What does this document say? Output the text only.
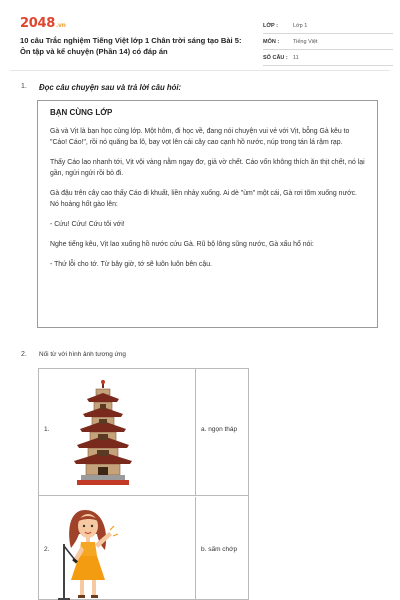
2048.vn
10 câu Trắc nghiệm Tiếng Việt lớp 1 Chân trời sáng tạo Bài 5: Ôn tập và kể chuyện (Phần 14) có đáp án
LỚP :	Lớp 1
MÔN :	Tiếng Việt
SỐ CÂU : 11
1. Đọc câu chuyện sau và trả lời câu hỏi:
BẠN CÙNG LỚP

Gà và Vịt là bạn học cùng lớp. Một hôm, đi học về, đang nói chuyện vui vẻ với Vịt, bỗng Gà kêu to "Cáo! Cáo!", rồi nó quăng ba lô, bay vọt lên cái cây cao cạnh hồ nước, núp trong tán lá rậm rạp.

Thấy Cáo lao nhanh tới, Vịt vội vàng nằm ngay đơ, giả vờ chết. Cáo vốn không thích ăn thịt chết, nó lại gần, ngửi ngửi rồi bỏ đi.

Gà đậu trên cây cao thấy Cáo đi khuất, liền nhảy xuống. Ai dè "ùm" một cái, Gà rơi tõm xuống nước. Nó hoảng hốt gào lên:

- Cứu! Cứu! Cứu tôi với!

Nghe tiếng kêu, Vịt lao xuống hồ nước cứu Gà. Rũ bộ lông sũng nước, Gà xấu hổ nói:

- Thứ lỗi cho tớ. Từ bây giờ, tớ sẽ luôn luôn bên cậu.

2. Nối từ với hình ảnh tương ứng
1.	a. ngọn tháp
2.	b. sấm chớp
